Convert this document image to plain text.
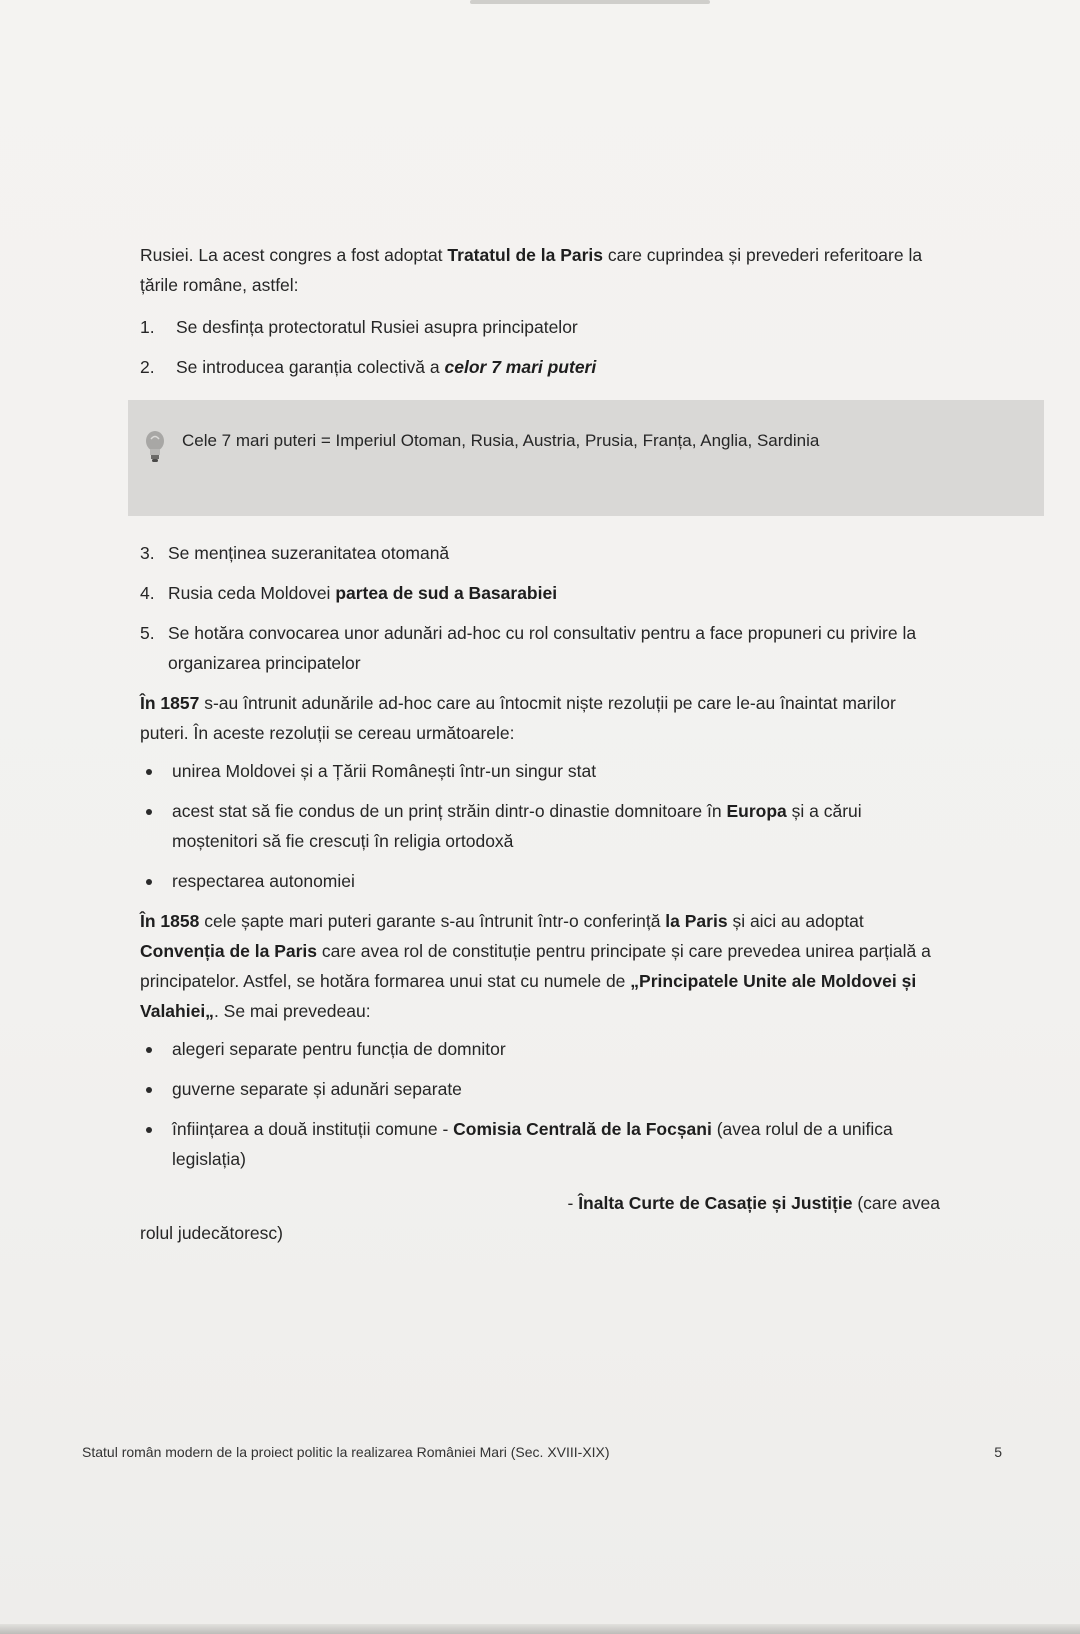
Rusiei. La acest congres a fost adoptat Tratatul de la Paris care cuprindea și prevederi referitoare la țările române, astfel:

1. Se desfința protectoratul Rusiei asupra principatelor
2. Se introducea garanția colectivă a celor 7 mari puteri
Cele 7 mari puteri = Imperiul Otoman, Rusia, Austria, Prusia, Franța, Anglia, Sardinia
3. Se menținea suzeranitatea otomană
4. Rusia ceda Moldovei partea de sud a Basarabiei
5. Se hotăra convocarea unor adunări ad-hoc cu rol consultativ pentru a face propuneri cu privire la organizarea principatelor

În 1857 s-au întrunit adunările ad-hoc care au întocmit niște rezoluții pe care le-au înaintat marilor puteri. În aceste rezoluții se cereau următoarele:

unirea Moldovei și a Țării Românești într-un singur stat
acest stat să fie condus de un prinț străin dintr-o dinastie domnitoare în Europa și a cărui moștenitori să fie crescuți în religia ortodoxă
respectarea autonomiei

În 1858 cele șapte mari puteri garante s-au întrunit într-o conferință la Paris și aici au adoptat Convenția de la Paris care avea rol de constituție pentru principate și care prevedea unirea parțială a principatelor. Astfel, se hotăra formarea unui stat cu numele de „Principatele Unite ale Moldovei și Valahiei„. Se mai prevedeau:

alegeri separate pentru funcția de domnitor
guverne separate și adunări separate
înființarea a două instituții comune - Comisia Centrală de la Focșani (avea rolul de a unifica legislația)

- Înalta Curte de Casație și Justiție (care avea

rolul judecătoresc)

Statul român modern de la proiect politic la realizarea României Mari (Sec. XVIII-XIX)	5
